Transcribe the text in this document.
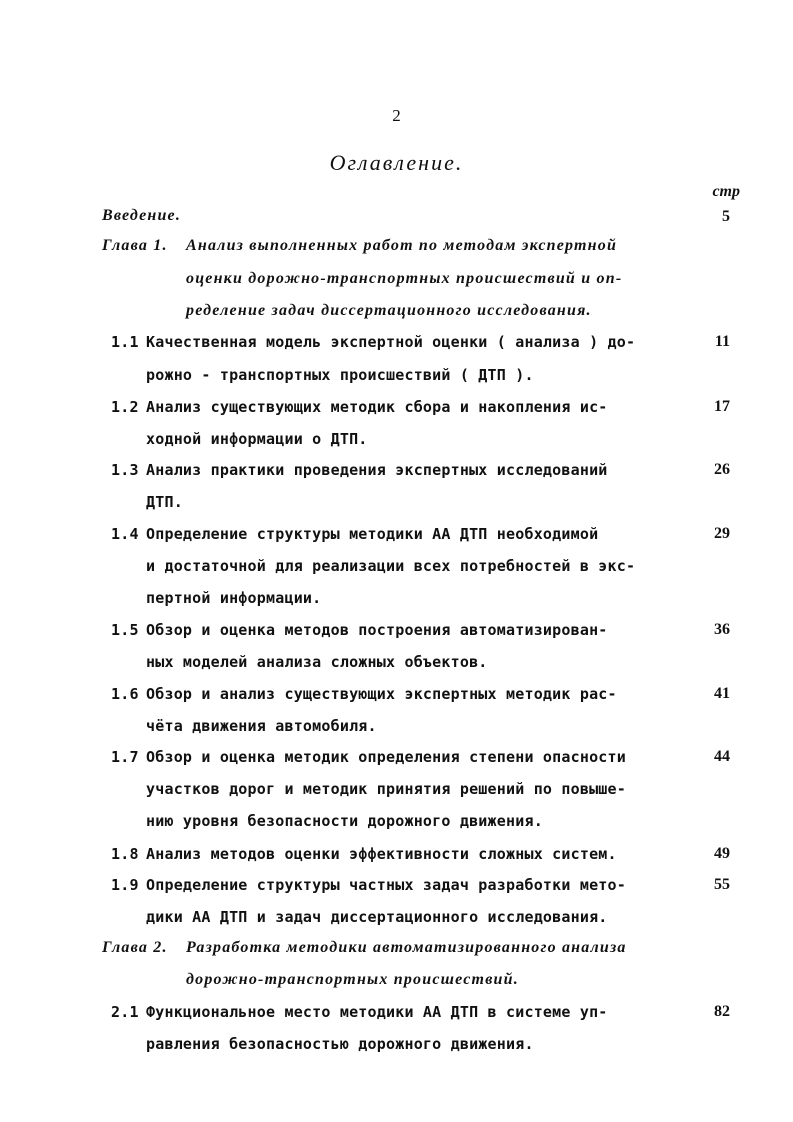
2
Оглавление.
стр
Введение.	5
Глава 1. Анализ выполненных работ по методам экспертной
оценки дорожно-транспортных происшествий и оп-
ределение задач диссертационного исследования.
1.1 Качественная модель экспертной оценки ( анализа ) до-
рожно - транспортных происшествий ( ДТП ).
11
1.2 Анализ существующих методик сбора и накопления ис-
ходной информации о ДТП.
17
1.3 Анализ практики проведения экспертных исследований
ДТП.
26
1.4 Определение структуры методики АА ДТП необходимой
и достаточной для реализации всех потребностей в экс-
пертной информации.
29
1.5 Обзор и оценка методов построения автоматизирован-
ных моделей анализа сложных объектов.
36
1.6 Обзор и анализ существующих экспертных методик рас-
чёта движения автомобиля.
41
1.7 Обзор и оценка методик определения степени опасности
участков дорог и методик принятия решений по повыше-
нию уровня безопасности дорожного движения.
44
1.8 Анализ методов оценки эффективности сложных систем.	49
1.9 Определение структуры частных задач разработки мето-
дики АА ДТП и задач диссертационного исследования.
55
Глава 2. Разработка методики автоматизированного анализа
дорожно-транспортных происшествий.
2.1 Функциональное место методики АА ДТП в системе уп-
равления безопасностью дорожного движения.
82
